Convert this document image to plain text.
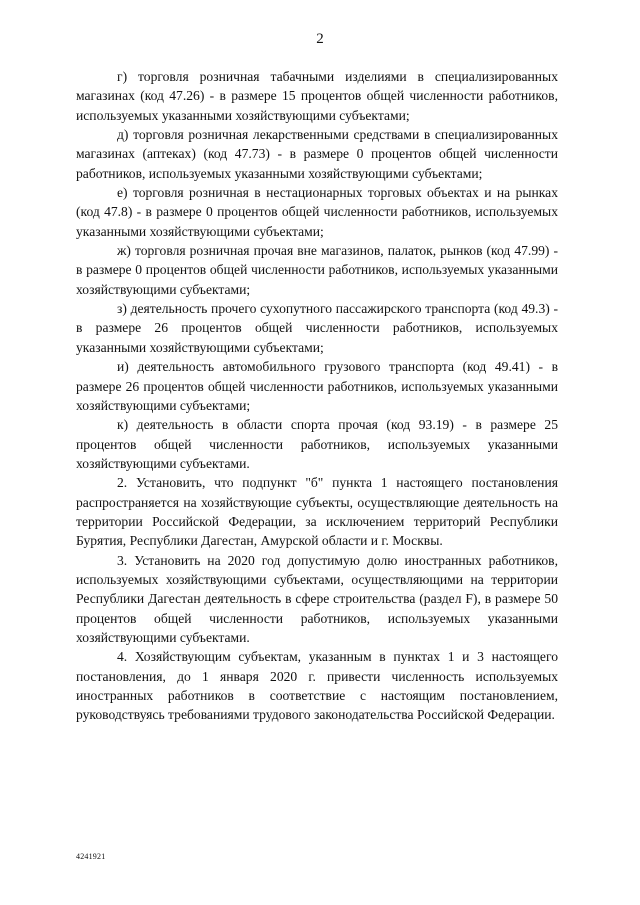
2

г) торговля розничная табачными изделиями в специализированных магазинах (код 47.26) - в размере 15 процентов общей численности работников, используемых указанными хозяйствующими субъектами;

д) торговля розничная лекарственными средствами в специализированных магазинах (аптеках) (код 47.73) - в размере 0 процентов общей численности работников, используемых указанными хозяйствующими субъектами;

е) торговля розничная в нестационарных торговых объектах и на рынках (код 47.8) - в размере 0 процентов общей численности работников, используемых указанными хозяйствующими субъектами;

ж) торговля розничная прочая вне магазинов, палаток, рынков (код 47.99) - в размере 0 процентов общей численности работников, используемых указанными хозяйствующими субъектами;

з) деятельность прочего сухопутного пассажирского транспорта (код 49.3) - в размере 26 процентов общей численности работников, используемых указанными хозяйствующими субъектами;

и) деятельность автомобильного грузового транспорта (код 49.41) - в размере 26 процентов общей численности работников, используемых указанными хозяйствующими субъектами;

к) деятельность в области спорта прочая (код 93.19) - в размере 25 процентов общей численности работников, используемых указанными хозяйствующими субъектами.

2. Установить, что подпункт "б" пункта 1 настоящего постановления распространяется на хозяйствующие субъекты, осуществляющие деятельность на территории Российской Федерации, за исключением территорий Республики Бурятия, Республики Дагестан, Амурской области и г. Москвы.

3. Установить на 2020 год допустимую долю иностранных работников, используемых хозяйствующими субъектами, осуществляющими на территории Республики Дагестан деятельность в сфере строительства (раздел F), в размере 50 процентов общей численности работников, используемых указанными хозяйствующими субъектами.

4. Хозяйствующим субъектам, указанным в пунктах 1 и 3 настоящего постановления, до 1 января 2020 г. привести численность используемых иностранных работников в соответствие с настоящим постановлением, руководствуясь требованиями трудового законодательства Российской Федерации.

4241921
